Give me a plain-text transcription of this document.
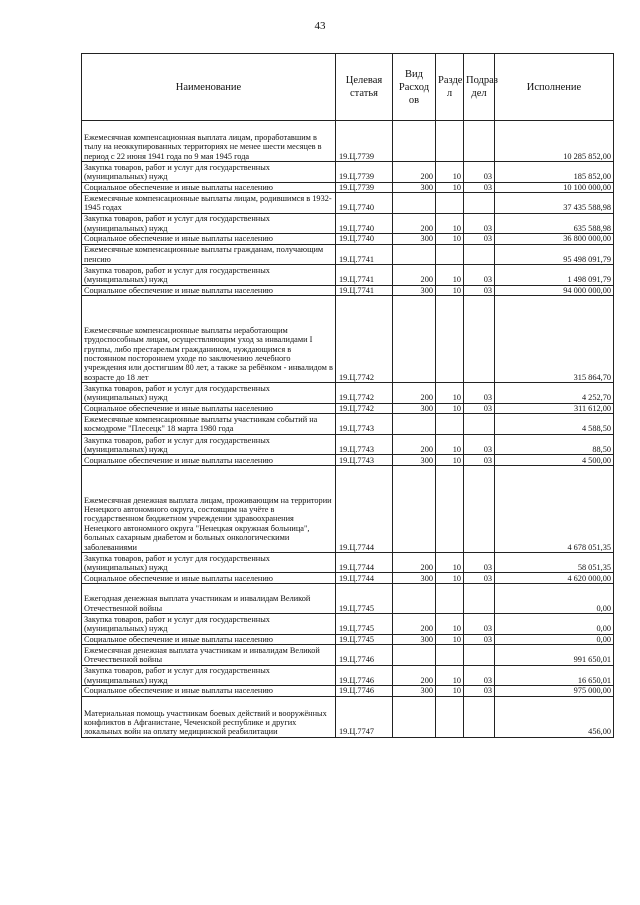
43
Наименование	Целевая статья	Вид Расход ов	Разде л	Подраз дел	Исполнение
Ежемесячная компенсационная выплата лицам, проработавшим в тылу на неоккупированных территориях не менее шести месяцев в период с 22 июня 1941 года по 9 мая 1945 года	19.Ц.7739				10 285 852,00
Закупка товаров, работ и услуг для государственных (муниципальных) нужд	19.Ц.7739	200	10	03	185 852,00
Социальное обеспечение и иные выплаты населению	19.Ц.7739	300	10	03	10 100 000,00
Ежемесячные компенсационные выплаты лицам, родившимся в 1932-1945 годах	19.Ц.7740				37 435 588,98
Закупка товаров, работ и услуг для государственных (муниципальных) нужд	19.Ц.7740	200	10	03	635 588,98
Социальное обеспечение и иные выплаты населению	19.Ц.7740	300	10	03	36 800 000,00
Ежемесячные компенсационные выплаты гражданам, получающим пенсию	19.Ц.7741				95 498 091,79
Закупка товаров, работ и услуг для государственных (муниципальных) нужд	19.Ц.7741	200	10	03	1 498 091,79
Социальное обеспечение и иные выплаты населению	19.Ц.7741	300	10	03	94 000 000,00
Ежемесячные компенсационные выплаты неработающим трудоспособным лицам, осуществляющим уход за инвалидами I группы, либо престарелым гражданином, нуждающимся в постоянном постороннем уходе по заключению лечебного учреждения или достигшим 80 лет, а также за ребёнком - инвалидом в возрасте до 18 лет	19.Ц.7742				315 864,70
Закупка товаров, работ и услуг для государственных (муниципальных) нужд	19.Ц.7742	200	10	03	4 252,70
Социальное обеспечение и иные выплаты населению	19.Ц.7742	300	10	03	311 612,00
Ежемесячные компенсационные выплаты участникам событий на космодроме "Плесецк" 18 марта 1980 года	19.Ц.7743				4 588,50
Закупка товаров, работ и услуг для государственных (муниципальных) нужд	19.Ц.7743	200	10	03	88,50
Социальное обеспечение и иные выплаты населению	19.Ц.7743	300	10	03	4 500,00
Ежемесячная денежная выплата лицам, проживающим на территории Ненецкого автономного округа, состоящим на учёте в государственном бюджетном учреждении здравоохранения Ненецкого автономного округа "Ненецкая окружная больница", больных сахарным диабетом и больных онкологическими заболеваниями	19.Ц.7744				4 678 051,35
Закупка товаров, работ и услуг для государственных (муниципальных) нужд	19.Ц.7744	200	10	03	58 051,35
Социальное обеспечение и иные выплаты населению	19.Ц.7744	300	10	03	4 620 000,00
Ежегодная денежная выплата участникам и инвалидам Великой Отечественной войны	19.Ц.7745				0,00
Закупка товаров, работ и услуг для государственных (муниципальных) нужд	19.Ц.7745	200	10	03	0,00
Социальное обеспечение и иные выплаты населению	19.Ц.7745	300	10	03	0,00
Ежемесячная денежная выплата участникам и инвалидам Великой Отечественной войны	19.Ц.7746				991 650,01
Закупка товаров, работ и услуг для государственных (муниципальных) нужд	19.Ц.7746	200	10	03	16 650,01
Социальное обеспечение и иные выплаты населению	19.Ц.7746	300	10	03	975 000,00
Материальная помощь участникам боевых действий и вооружённых конфликтов в Афганистане, Чеченской республике и других локальных войн на оплату медицинской реабилитации	19.Ц.7747				456,00
